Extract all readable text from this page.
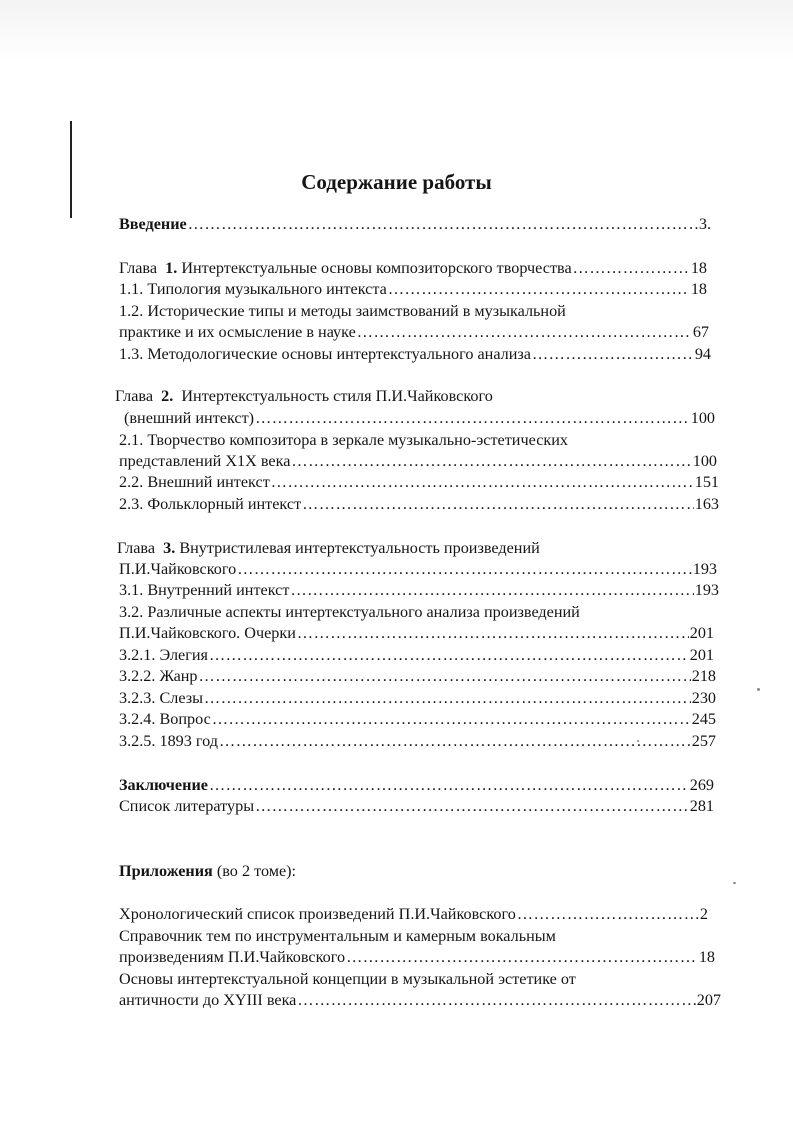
Содержание работы
Введение …………………………………………………………………………………………………………………………………………………………………………………	3.
Глава 1. Интертекстуальные основы композиторского творчества …………………………………………………………………………………………………………………………………………………………………………………	18
1.1. Типология музыкального интекста …………………………………………………………………………………………………………………………………………………………………………………	18
1.2. Исторические типы и методы заимствований в музыкальной
практике и их осмысление в науке …………………………………………………………………………………………………………………………………………………………………………………	67
1.3. Методологические основы интертекстуального анализа …………………………………………………………………………………………………………………………………………………………………………………	94
Глава 2. Интертекстуальность стиля П.И.Чайковского
(внешний интекст) …………………………………………………………………………………………………………………………………………………………………………………	100
2.1. Творчество композитора в зеркале музыкально-эстетических
представлений Х1Х века …………………………………………………………………………………………………………………………………………………………………………………	100
2.2. Внешний интекст …………………………………………………………………………………………………………………………………………………………………………………	151
2.3. Фольклорный интекст …………………………………………………………………………………………………………………………………………………………………………………	163
Глава 3. Внутристилевая интертекстуальность произведений
П.И.Чайковского …………………………………………………………………………………………………………………………………………………………………………………	193
3.1. Внутренний интекст …………………………………………………………………………………………………………………………………………………………………………………	193
3.2. Различные аспекты интертекстуального анализа произведений
П.И.Чайковского. Очерки …………………………………………………………………………………………………………………………………………………………………………………	201
3.2.1. Элегия …………………………………………………………………………………………………………………………………………………………………………………	201
3.2.2. Жанр …………………………………………………………………………………………………………………………………………………………………………………	218
3.2.3. Слезы …………………………………………………………………………………………………………………………………………………………………………………	230
3.2.4. Вопрос …………………………………………………………………………………………………………………………………………………………………………………	245
3.2.5. 1893 год …………………………………………………………………………………………………………………………………………………………………………………	257
Заключение …………………………………………………………………………………………………………………………………………………………………………………	269
Список литературы …………………………………………………………………………………………………………………………………………………………………………………	281
Приложения (во 2 томе):
Хронологический список произведений П.И.Чайковского …………………………………………………………………………………………………………………………………………………………………………………	2
Справочник тем по инструментальным и камерным вокальным
произведениям П.И.Чайковского …………………………………………………………………………………………………………………………………………………………………………………	18
Основы интертекстуальной концепции в музыкальной эстетике от
античности до XYIII века …………………………………………………………………………………………………………………………………………………………………………………	207
